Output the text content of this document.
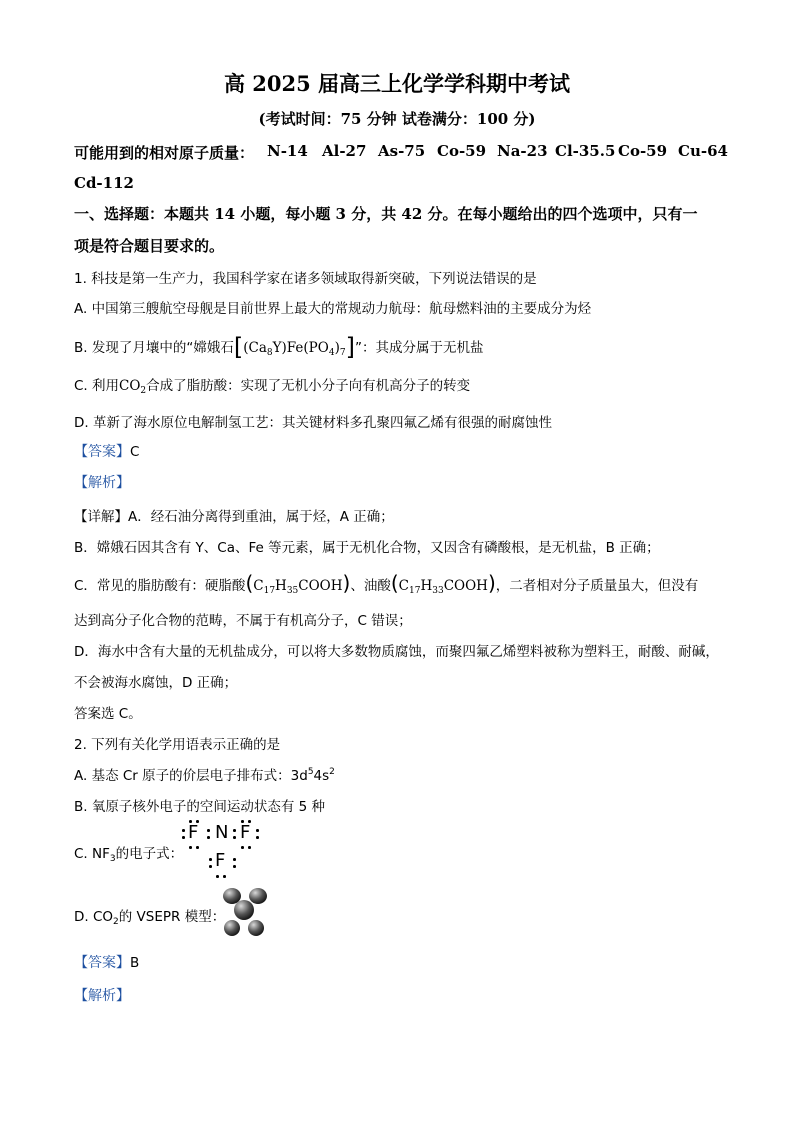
高 2025 届高三上化学学科期中考试
(考试时间：75 分钟 试卷满分：100 分)
可能用到的相对原子质量： N-14 Al-27 As-75 Co-59 Na-23 Cl-35.5 Co-59 Cu-64
Cd-112
一、选择题：本题共 14 小题，每小题 3 分，共 42 分。在每小题给出的四个选项中，只有一
项是符合题目要求的。
1. 科技是第一生产力，我国科学家在诸多领域取得新突破，下列说法错误的是
A. 中国第三艘航空母舰是目前世界上最大的常规动力航母：航母燃料油的主要成分为烃
B. 发现了月壤中的“嫦娥石$[(Ca_8Y)Fe(PO_4)_7]$”：其成分属于无机盐
C. 利用$CO_2$合成了脂肪酸：实现了无机小分子向有机高分子的转变
D. 革新了海水原位电解制氢工艺：其关键材料多孔聚四氟乙烯有很强的耐腐蚀性
【答案】C
【解析】
【详解】A．经石油分离得到重油，属于烃，A 正确；
B．嫦娥石因其含有 Y、Ca、Fe 等元素，属于无机化合物，又因含有磷酸根，是无机盐，B 正确；
C．常见的脂肪酸有：硬脂酸$(C_{17}H_{35}COOH)$、油酸$(C_{17}H_{33}COOH)$，二者相对分子质量虽大，但没有
达到高分子化合物的范畴，不属于有机高分子，C 错误；
D．海水中含有大量的无机盐成分，可以将大多数物质腐蚀，而聚四氟乙烯塑料被称为塑料王，耐酸、耐碱，
不会被海水腐蚀，D 正确；
答案选 C。
2. 下列有关化学用语表示正确的是
A. 基态 Cr 原子的价层电子排布式：$3d^54s^2$
B. 氧原子核外电子的空间运动状态有 5 种
C. $NF_3$的电子式：
F N F
F
D. $CO_2$的 VSEPR 模型：
【答案】B
【解析】
